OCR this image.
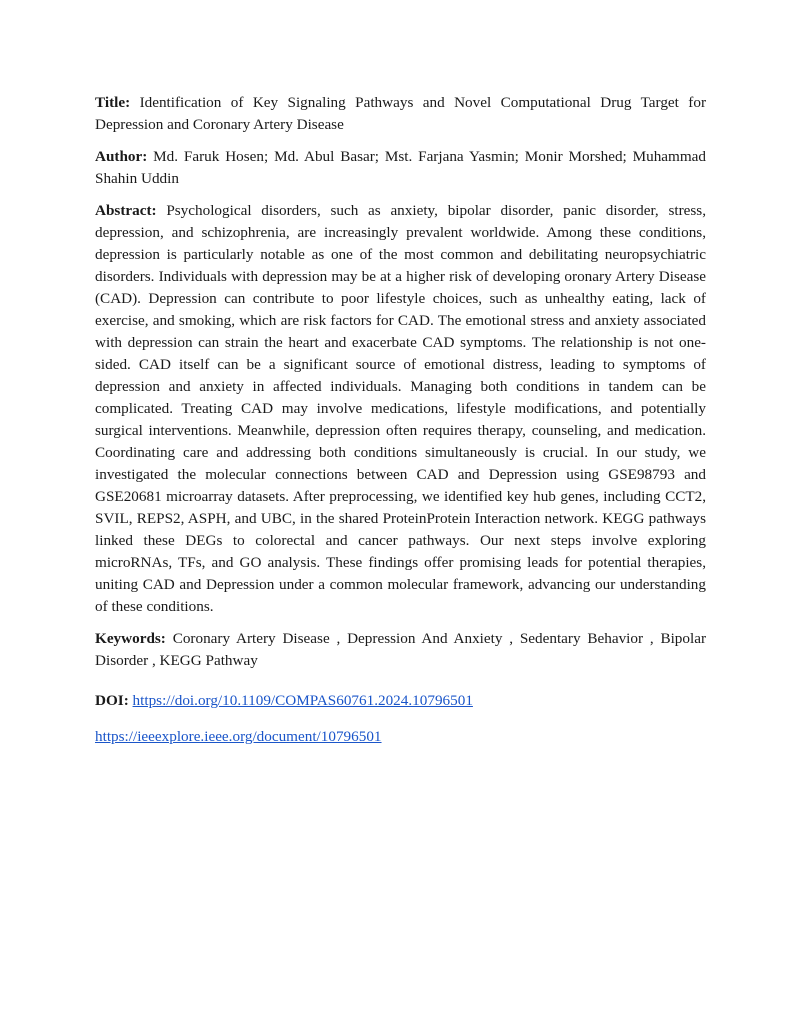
Title: Identification of Key Signaling Pathways and Novel Computational Drug Target for Depression and Coronary Artery Disease

Author: Md. Faruk Hosen; Md. Abul Basar; Mst. Farjana Yasmin; Monir Morshed; Muhammad Shahin Uddin

Abstract: Psychological disorders, such as anxiety, bipolar disorder, panic disorder, stress, depression, and schizophrenia, are increasingly prevalent worldwide. Among these conditions, depression is particularly notable as one of the most common and debilitating neuropsychiatric disorders. Individuals with depression may be at a higher risk of developing oronary Artery Disease (CAD). Depression can contribute to poor lifestyle choices, such as unhealthy eating, lack of exercise, and smoking, which are risk factors for CAD. The emotional stress and anxiety associated with depression can strain the heart and exacerbate CAD symptoms. The relationship is not one-sided. CAD itself can be a significant source of emotional distress, leading to symptoms of depression and anxiety in affected individuals. Managing both conditions in tandem can be complicated. Treating CAD may involve medications, lifestyle modifications, and potentially surgical interventions. Meanwhile, depression often requires therapy, counseling, and medication. Coordinating care and addressing both conditions simultaneously is crucial. In our study, we investigated the molecular connections between CAD and Depression using GSE98793 and GSE20681 microarray datasets. After preprocessing, we identified key hub genes, including CCT2, SVIL, REPS2, ASPH, and UBC, in the shared ProteinProtein Interaction network. KEGG pathways linked these DEGs to colorectal and cancer pathways. Our next steps involve exploring microRNAs, TFs, and GO analysis. These findings offer promising leads for potential therapies, uniting CAD and Depression under a common molecular framework, advancing our understanding of these conditions.

Keywords: Coronary Artery Disease , Depression And Anxiety , Sedentary Behavior , Bipolar Disorder , KEGG Pathway

DOI: https://doi.org/10.1109/COMPAS60761.2024.10796501
https://ieeexplore.ieee.org/document/10796501
